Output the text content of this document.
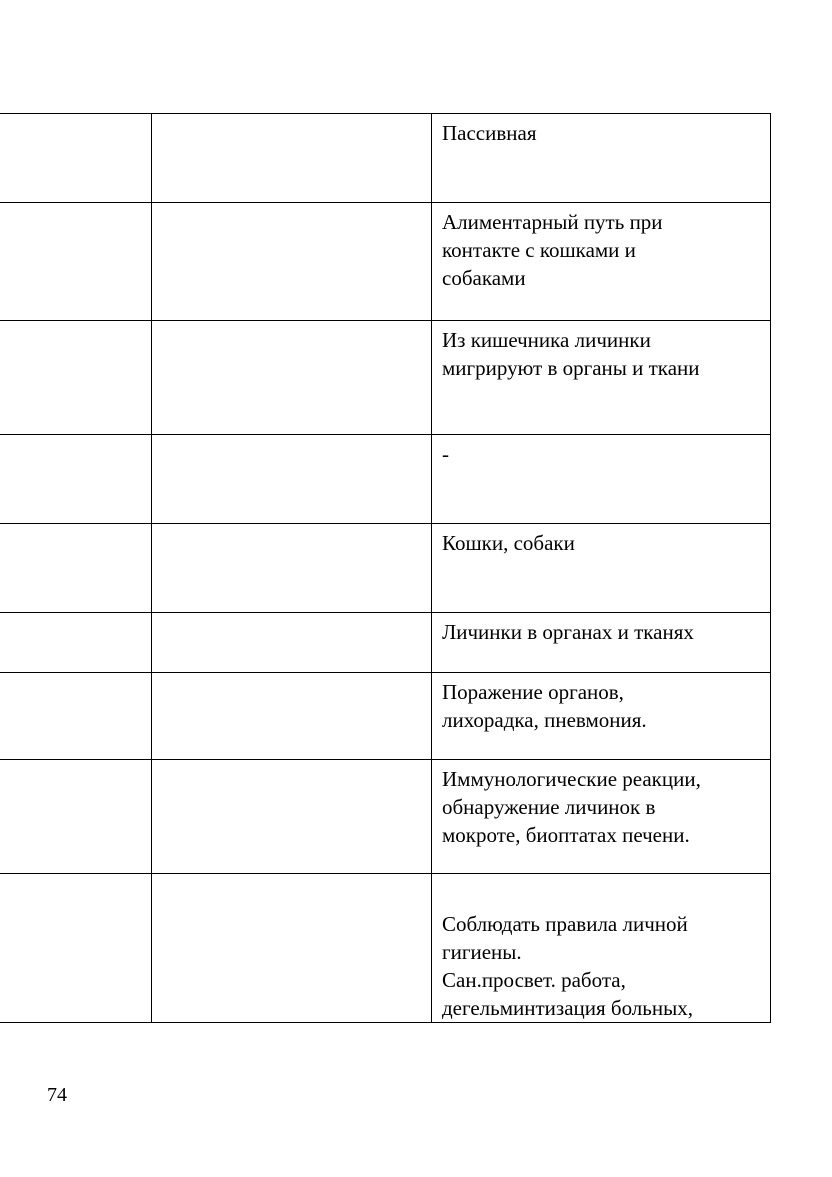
		Пассивная

		Алиментарный путь при
контакте с кошками и
собаками

		Из кишечника личинки
мигрируют в органы и ткани

		-

		Кошки, собаки

		Личинки в органах и тканях

		Поражение органов,
лихорадка, пневмония.

		Иммунологические реакции,
обнаружение личинок в
мокроте, биоптатах печени.

		Соблюдать правила личной
гигиены.
Сан.просвет. работа,
дегельминтизация больных,
74
